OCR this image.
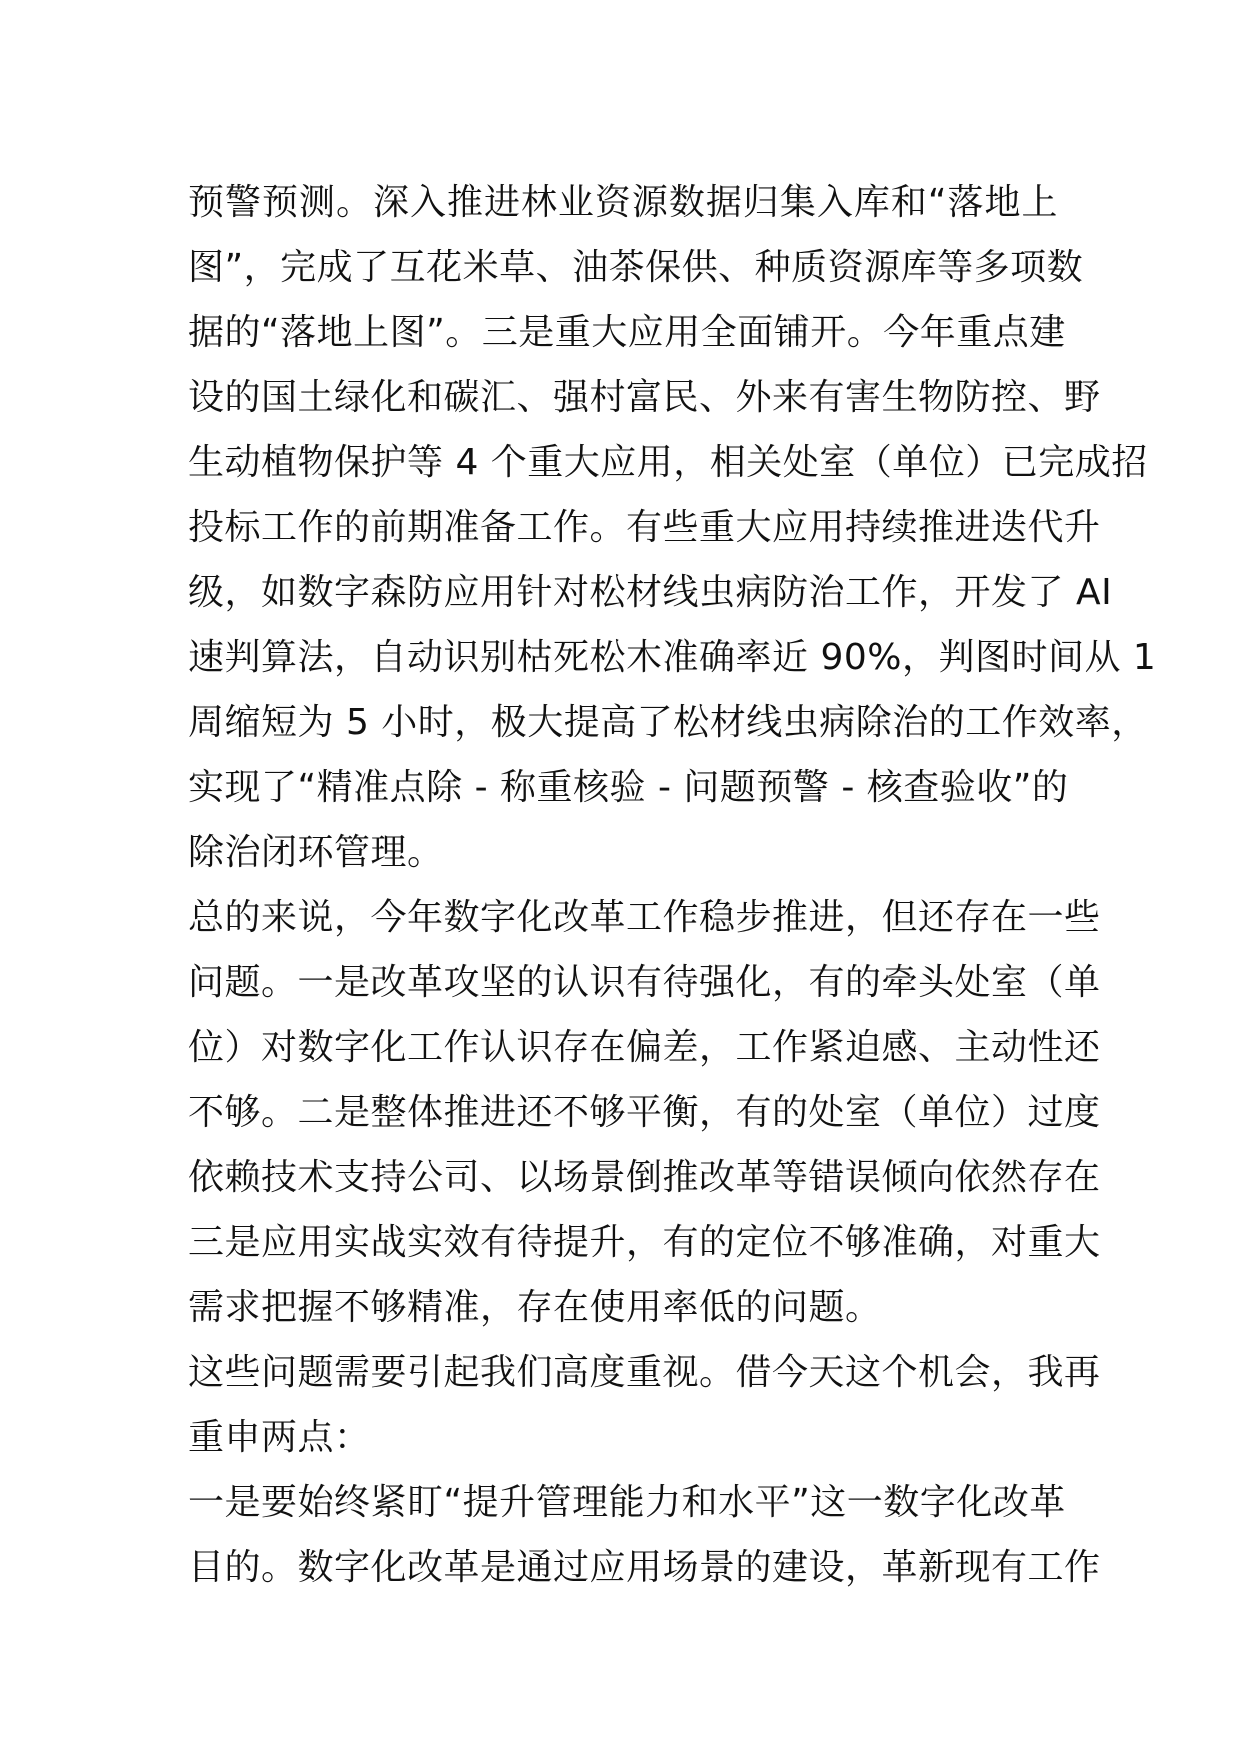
预警预测。深入推进林业资源数据归集入库和“落地上
图”，完成了互花米草、油茶保供、种质资源库等多项数
据的“落地上图”。三是重大应用全面铺开。今年重点建
设的国土绿化和碳汇、强村富民、外来有害生物防控、野
生动植物保护等 4 个重大应用，相关处室（单位）已完成招
投标工作的前期准备工作。有些重大应用持续推进迭代升
级，如数字森防应用针对松材线虫病防治工作，开发了 AI
速判算法，自动识别枯死松木准确率近 90%，判图时间从 1
周缩短为 5 小时，极大提高了松材线虫病除治的工作效率，
实现了“精准点除 - 称重核验 - 问题预警 - 核查验收”的
除治闭环管理。
总的来说，今年数字化改革工作稳步推进，但还存在一些
问题。一是改革攻坚的认识有待强化，有的牵头处室（单
位）对数字化工作认识存在偏差，工作紧迫感、主动性还
不够。二是整体推进还不够平衡，有的处室（单位）过度
依赖技术支持公司、以场景倒推改革等错误倾向依然存在
三是应用实战实效有待提升，有的定位不够准确，对重大
需求把握不够精准，存在使用率低的问题。
这些问题需要引起我们高度重视。借今天这个机会，我再
重申两点：
一是要始终紧盯“提升管理能力和水平”这一数字化改革
目的。数字化改革是通过应用场景的建设，革新现有工作
